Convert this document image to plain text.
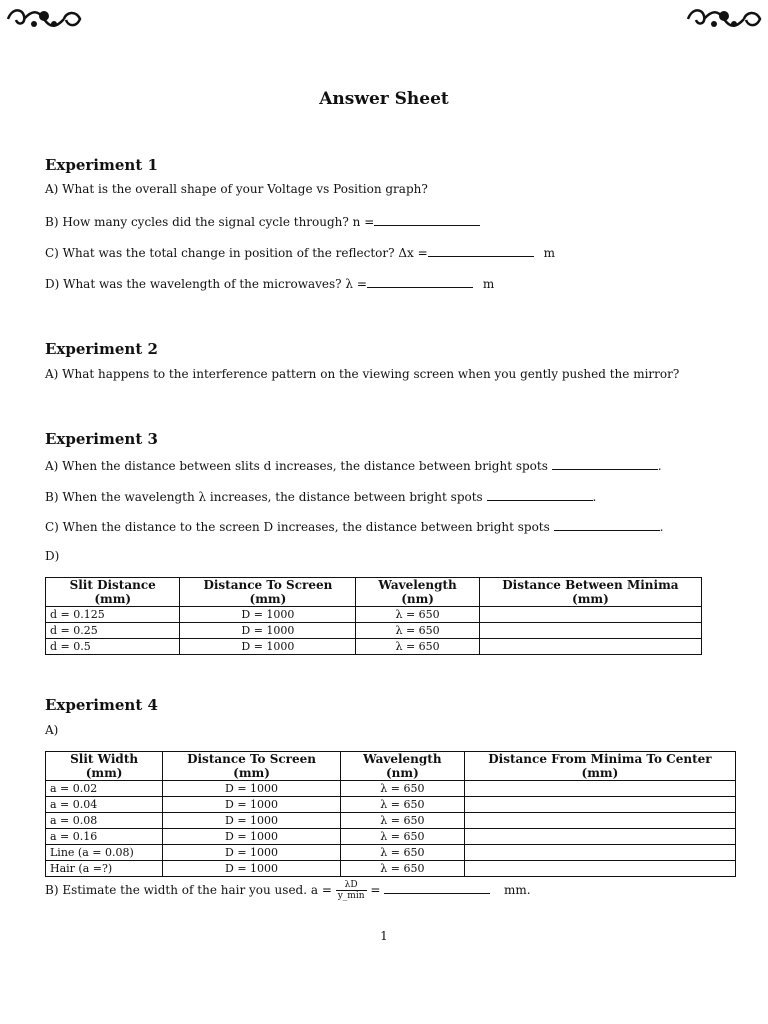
Answer Sheet
Experiment 1
A) What is the overall shape of your Voltage vs Position graph?
B) How many cycles did the signal cycle through? n =
C) What was the total change in position of the reflector? Δx =	m
D) What was the wavelength of the microwaves? λ =	m
Experiment 2
A) What happens to the interference pattern on the viewing screen when you gently pushed the mirror?
Experiment 3
A) When the distance between slits d increases, the distance between bright spots	.
B) When the wavelength λ increases, the distance between bright spots	.
C) When the distance to the screen D increases, the distance between bright spots	.
D)
Slit Distance (mm)	Distance To Screen (mm)	Wavelength (nm)	Distance Between Minima (mm)
d = 0.125	D = 1000	λ = 650	
d = 0.25	D = 1000	λ = 650	
d = 0.5	D = 1000	λ = 650	
Experiment 4
A)
Slit Width (mm)	Distance To Screen (mm)	Wavelength (nm)	Distance From Minima To Center (mm)
a = 0.02	D = 1000	λ = 650	
a = 0.04	D = 1000	λ = 650	
a = 0.08	D = 1000	λ = 650	
a = 0.16	D = 1000	λ = 650	
Line (a = 0.08)	D = 1000	λ = 650	
Hair (a =?)	D = 1000	λ = 650	
B) Estimate the width of the hair you used. $a = \frac{\lambda D}{y\_\min}$ =	mm.
1
